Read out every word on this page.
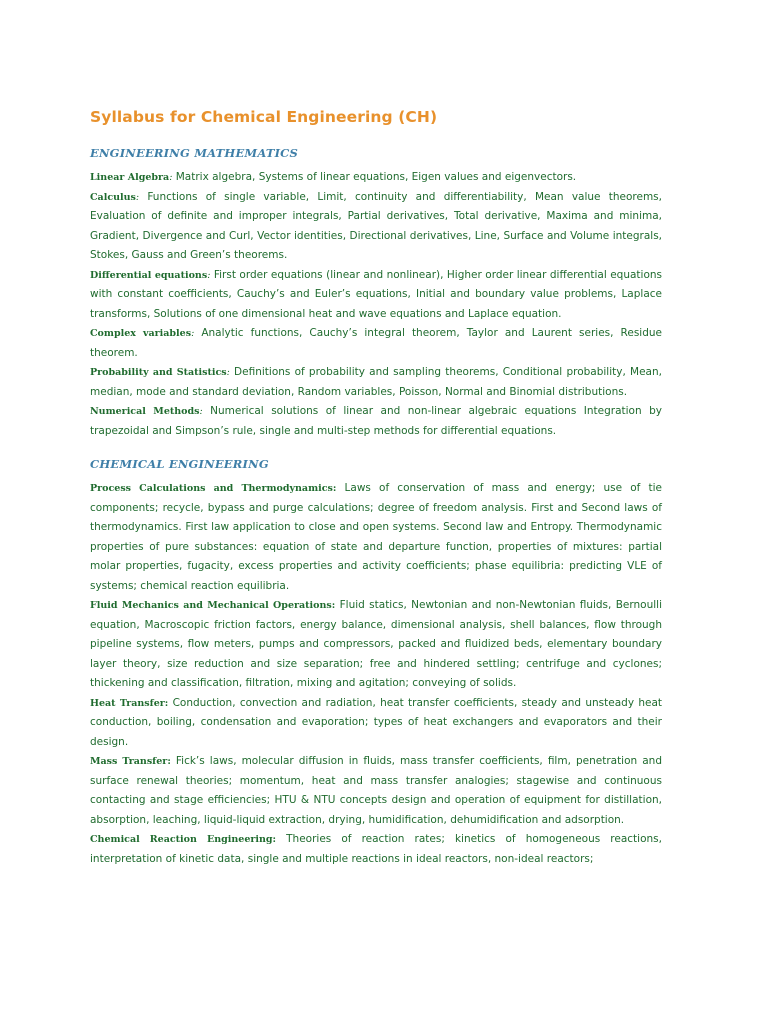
Syllabus for Chemical Engineering (CH)
ENGINEERING MATHEMATICS

Linear Algebra: Matrix algebra, Systems of linear equations, Eigen values and eigenvectors.

Calculus: Functions of single variable, Limit, continuity and differentiability, Mean value theorems, Evaluation of definite and improper integrals, Partial derivatives, Total derivative, Maxima and minima, Gradient, Divergence and Curl, Vector identities, Directional derivatives, Line, Surface and Volume integrals, Stokes, Gauss and Green’s theorems.

Differential equations: First order equations (linear and nonlinear), Higher order linear differential equations with constant coefficients, Cauchy’s and Euler’s equations, Initial and boundary value problems, Laplace transforms, Solutions of one dimensional heat and wave equations and Laplace equation.

Complex variables: Analytic functions, Cauchy’s integral theorem, Taylor and Laurent series, Residue theorem.

Probability and Statistics: Definitions of probability and sampling theorems, Conditional probability, Mean, median, mode and standard deviation, Random variables, Poisson, Normal and Binomial distributions.

Numerical Methods: Numerical solutions of linear and non-linear algebraic equations Integration by trapezoidal and Simpson’s rule, single and multi-step methods for differential equations.

CHEMICAL ENGINEERING

Process Calculations and Thermodynamics: Laws of conservation of mass and energy; use of tie components; recycle, bypass and purge calculations; degree of freedom analysis. First and Second laws of thermodynamics. First law application to close and open systems. Second law and Entropy. Thermodynamic properties of pure substances: equation of state and departure function, properties of mixtures: partial molar properties, fugacity, excess properties and activity coefficients; phase equilibria: predicting VLE of systems; chemical reaction equilibria.

Fluid Mechanics and Mechanical Operations: Fluid statics, Newtonian and non-Newtonian fluids, Bernoulli equation, Macroscopic friction factors, energy balance, dimensional analysis, shell balances, flow through pipeline systems, flow meters, pumps and compressors, packed and fluidized beds, elementary boundary layer theory, size reduction and size separation; free and hindered settling; centrifuge and cyclones; thickening and classification, filtration, mixing and agitation; conveying of solids.

Heat Transfer: Conduction, convection and radiation, heat transfer coefficients, steady and unsteady heat conduction, boiling, condensation and evaporation; types of heat exchangers and evaporators and their design.

Mass Transfer: Fick’s laws, molecular diffusion in fluids, mass transfer coefficients, film, penetration and surface renewal theories; momentum, heat and mass transfer analogies; stagewise and continuous contacting and stage efficiencies; HTU & NTU concepts design and operation of equipment for distillation, absorption, leaching, liquid-liquid extraction, drying, humidification, dehumidification and adsorption.

Chemical Reaction Engineering: Theories of reaction rates; kinetics of homogeneous reactions, interpretation of kinetic data, single and multiple reactions in ideal reactors, non-ideal reactors;
